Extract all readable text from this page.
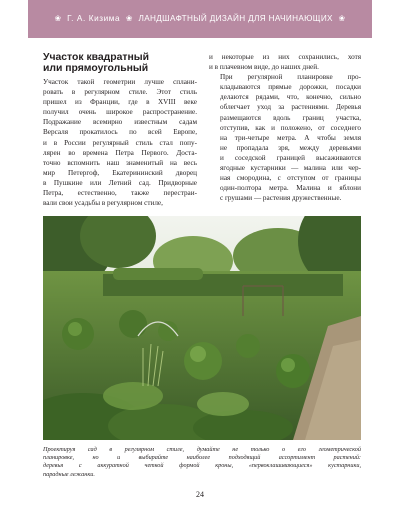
❀ Г. А. Кизима ❀ ЛАНДШАФТНЫЙ ДИЗАЙН ДЛЯ НАЧИНАЮЩИХ ❀
Участок квадратный
или прямоугольный

Участок такой геометрии лучше сплани-
ровать в регулярном стиле. Этот стиль
пришел из Франции, где в XVIII веке
получил очень широкое распространение.
Подражание всемирно известным садам
Версаля прокатилось по всей Европе,
и в России регулярный стиль стал попу-
лярен во времена Петра Первого. Доста-
точно вспомнить наш знаменитый на весь
мир Петергоф, Екатерининский дворец
в Пушкине или Летний сад. Придворные
Петра, естественно, также перестраи-
вали свои усадьбы в регулярном стиле,

и некоторые из них сохранились, хотя
и в плачевном виде, до наших дней.

При регулярной планировке про-
кладываются прямые дорожки, посадки
делаются рядами, что, конечно, сильно
облегчает уход за растениями. Деревья
размещаются вдоль границ участка,
отступив, как и положено, от соседнего
на три-четыре метра. А чтобы земля
не пропадала зря, между деревьями
и соседской границей высаживаются
ягодные кустарники — малина или чер-
ная смородина, с отступом от границы
один-полтора метра. Малина и яблони
с грушами — растения дружественные.

Проектируя сад в регулярном стиле, думайте не только о его геометрической
планировке, но и выбирайте наиболее подходящий ассортимент растений:
деревья с аккуратной четкой формой кроны, «первоклашивающиеся» кустарники,
парадные лежанки.
24
